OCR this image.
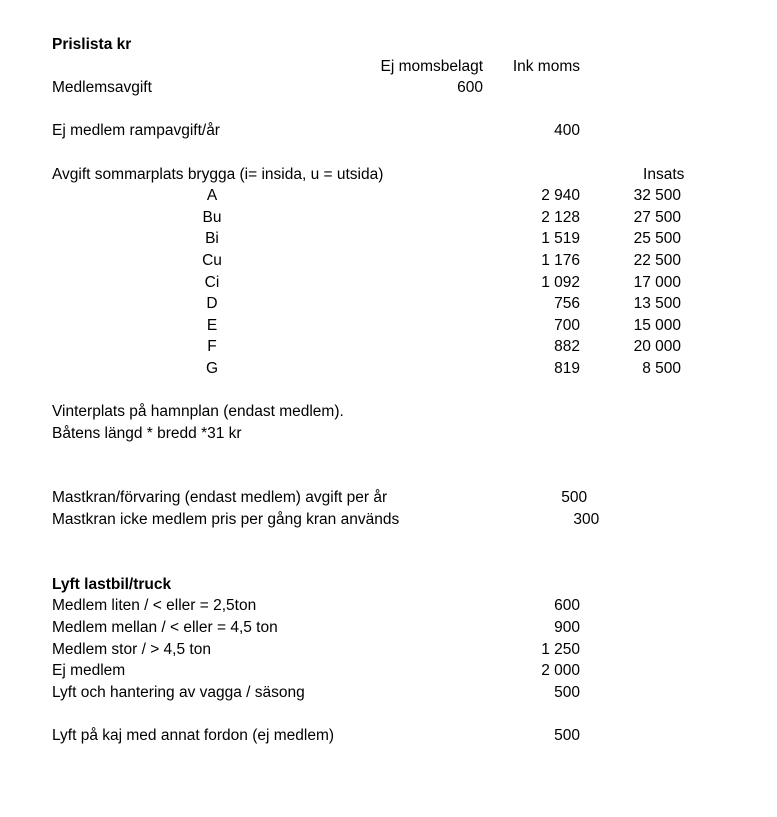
Prislista kr
Ej momsbelagt	Ink moms
Medlemsavgift	600
Ej medlem rampavgift/år	400
Avgift sommarplats brygga (i= insida, u = utsida)	Insats
A	2 940	32 500
Bu	2 128	27 500
Bi	1 519	25 500
Cu	1 176	22 500
Ci	1 092	17 000
D	756	13 500
E	700	15 000
F	882	20 000
G	819	8 500
Vinterplats på hamnplan (endast medlem).
Båtens längd * bredd *31 kr
Mastkran/förvaring (endast medlem) avgift per år	500
Mastkran icke medlem pris per gång kran används	300
Lyft lastbil/truck
Medlem liten / < eller = 2,5ton	600
Medlem mellan / < eller = 4,5 ton	900
Medlem stor / > 4,5 ton	1 250
Ej medlem	2 000
Lyft och hantering av vagga / säsong	500
Lyft på kaj med annat fordon (ej medlem)	500
